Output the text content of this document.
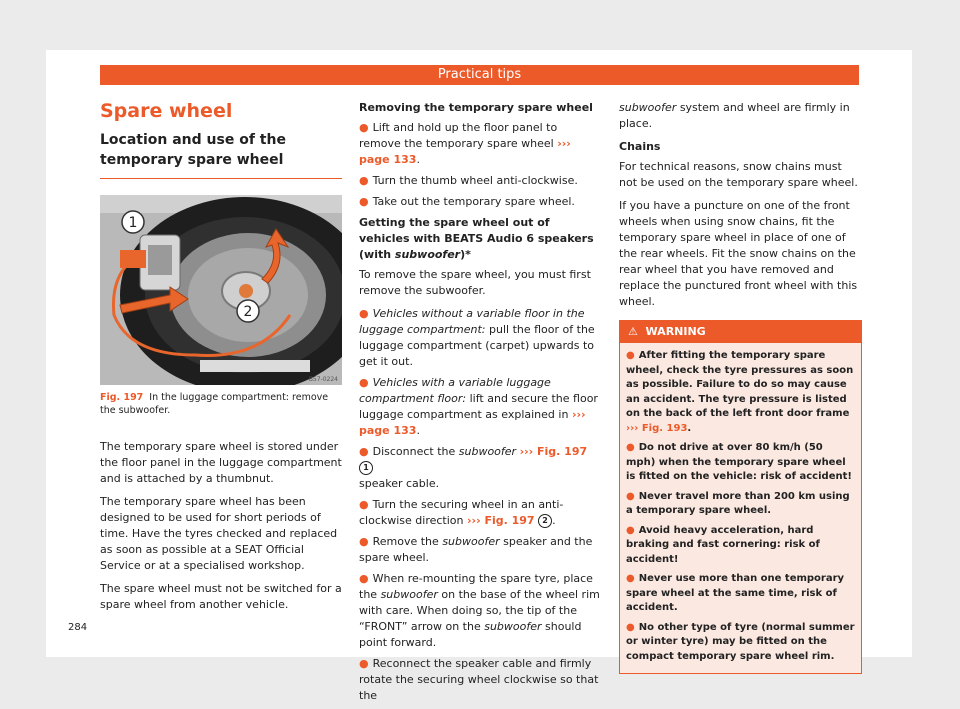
Practical tips
Spare wheel
Location and use of the temporary spare wheel
1
2
B57-0224
Fig. 197 In the luggage compartment: remove the subwoofer.

The temporary spare wheel is stored under the floor panel in the luggage compartment and is attached by a thumbnut.

The temporary spare wheel has been designed to be used for short periods of time. Have the tyres checked and replaced as soon as possible at a SEAT Official Service or at a specialised workshop.

The spare wheel must not be switched for a spare wheel from another vehicle.

Removing the temporary spare wheel
● Lift and hold up the floor panel to remove the temporary spare wheel ››› page 133.
● Turn the thumb wheel anti-clockwise.
● Take out the temporary spare wheel.
Getting the spare wheel out of vehicles with BEATS Audio 6 speakers (with subwoofer)*

To remove the spare wheel, you must first remove the subwoofer.

● Vehicles without a variable floor in the luggage compartment: pull the floor of the luggage compartment (carpet) upwards to get it out.
● Vehicles with a variable luggage compartment floor: lift and secure the floor luggage compartment as explained in ››› page 133.
● Disconnect the subwoofer ››› Fig. 197 1
speaker cable.
● Turn the securing wheel in an anti-clockwise direction ››› Fig. 197 2 .
● Remove the subwoofer speaker and the spare wheel.
● When re-mounting the spare tyre, place the subwoofer on the base of the wheel rim with care. When doing so, the tip of the “FRONT” arrow on the subwoofer should point forward.
● Reconnect the speaker cable and firmly rotate the securing wheel clockwise so that the

subwoofer system and wheel are firmly in place.

Chains

For technical reasons, snow chains must not be used on the temporary spare wheel.

If you have a puncture on one of the front wheels when using snow chains, fit the temporary spare wheel in place of one of the rear wheels. Fit the snow chains on the rear wheel that you have removed and replace the punctured front wheel with this wheel.

⚠ WARNING
● After fitting the temporary spare wheel, check the tyre pressures as soon as possible. Failure to do so may cause an accident. The tyre pressure is listed on the back of the left front door frame ››› Fig. 193.
● Do not drive at over 80 km/h (50 mph) when the temporary spare wheel is fitted on the vehicle: risk of accident!
● Never travel more than 200 km using a temporary spare wheel.
● Avoid heavy acceleration, hard braking and fast cornering: risk of accident!
● Never use more than one temporary spare wheel at the same time, risk of accident.
● No other type of tyre (normal summer or winter tyre) may be fitted on the compact temporary spare wheel rim.
284
